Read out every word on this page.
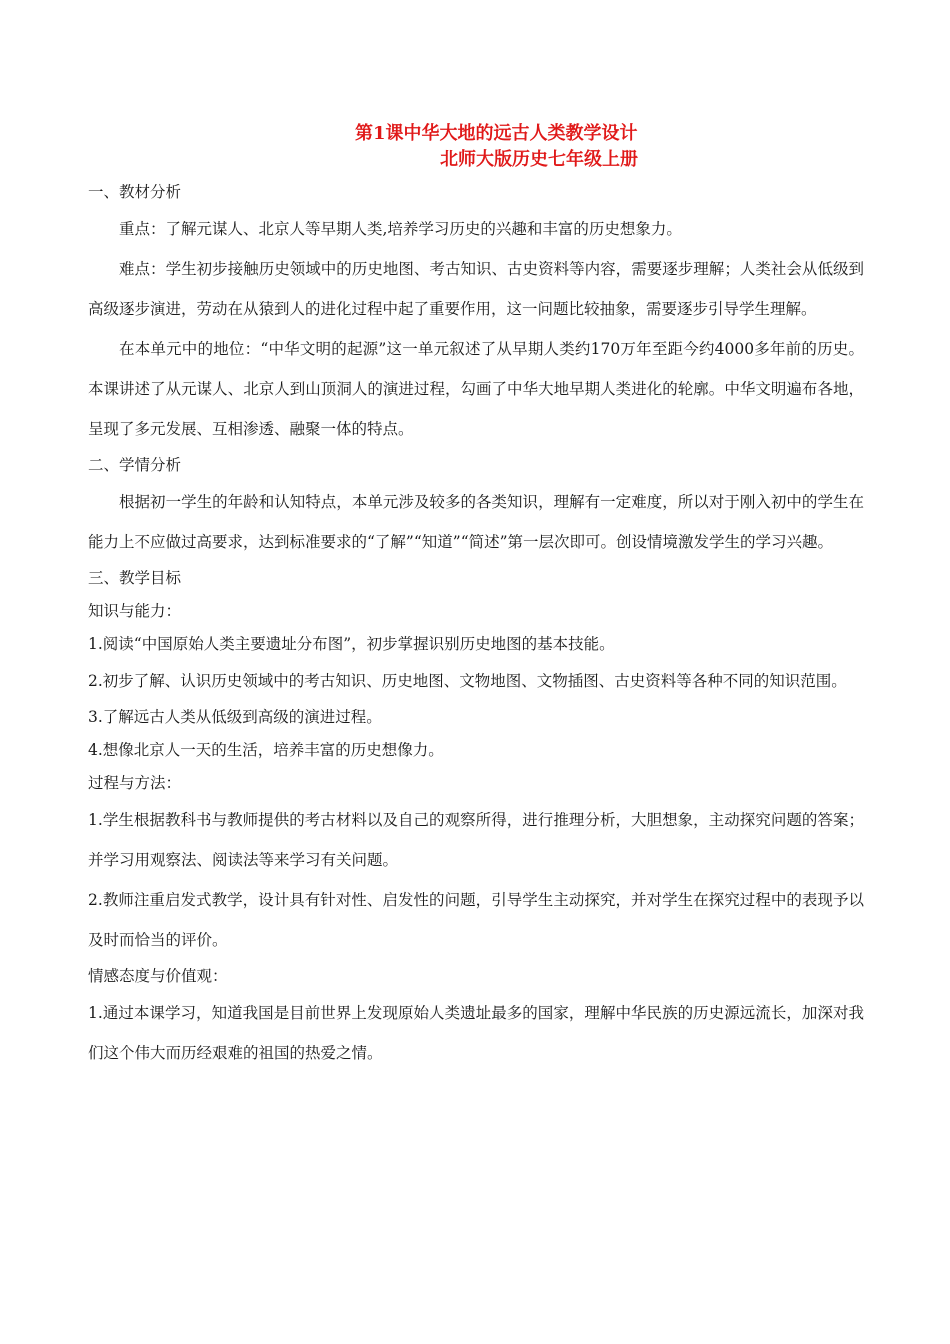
第1课中华大地的远古人类教学设计
北师大版历史七年级上册
一、教材分析
重点：了解元谋人、北京人等早期人类,培养学习历史的兴趣和丰富的历史想象力。
难点：学生初步接触历史领域中的历史地图、考古知识、古史资料等内容，需要逐步理解；人类社会从低级到高级逐步演进，劳动在从猿到人的进化过程中起了重要作用，这一问题比较抽象，需要逐步引导学生理解。
在本单元中的地位：“中华文明的起源”这一单元叙述了从早期人类约170万年至距今约4000多年前的历史。本课讲述了从元谋人、北京人到山顶洞人的演进过程，勾画了中华大地早期人类进化的轮廓。中华文明遍布各地，呈现了多元发展、互相渗透、融聚一体的特点。
二、学情分析
根据初一学生的年龄和认知特点，本单元涉及较多的各类知识，理解有一定难度，所以对于刚入初中的学生在能力上不应做过高要求，达到标准要求的“了解”“知道”“简述”第一层次即可。创设情境激发学生的学习兴趣。
三、教学目标
知识与能力：
1.阅读“中国原始人类主要遗址分布图”，初步掌握识别历史地图的基本技能。
2.初步了解、认识历史领域中的考古知识、历史地图、文物地图、文物插图、古史资料等各种不同的知识范围。
3.了解远古人类从低级到高级的演进过程。
4.想像北京人一天的生活，培养丰富的历史想像力。
过程与方法：
1.学生根据教科书与教师提供的考古材料以及自己的观察所得，进行推理分析，大胆想象，主动探究问题的答案；并学习用观察法、阅读法等来学习有关问题。
2.教师注重启发式教学，设计具有针对性、启发性的问题，引导学生主动探究，并对学生在探究过程中的表现予以及时而恰当的评价。
情感态度与价值观：
1.通过本课学习，知道我国是目前世界上发现原始人类遗址最多的国家，理解中华民族的历史源远流长，加深对我们这个伟大而历经艰难的祖国的热爱之情。
